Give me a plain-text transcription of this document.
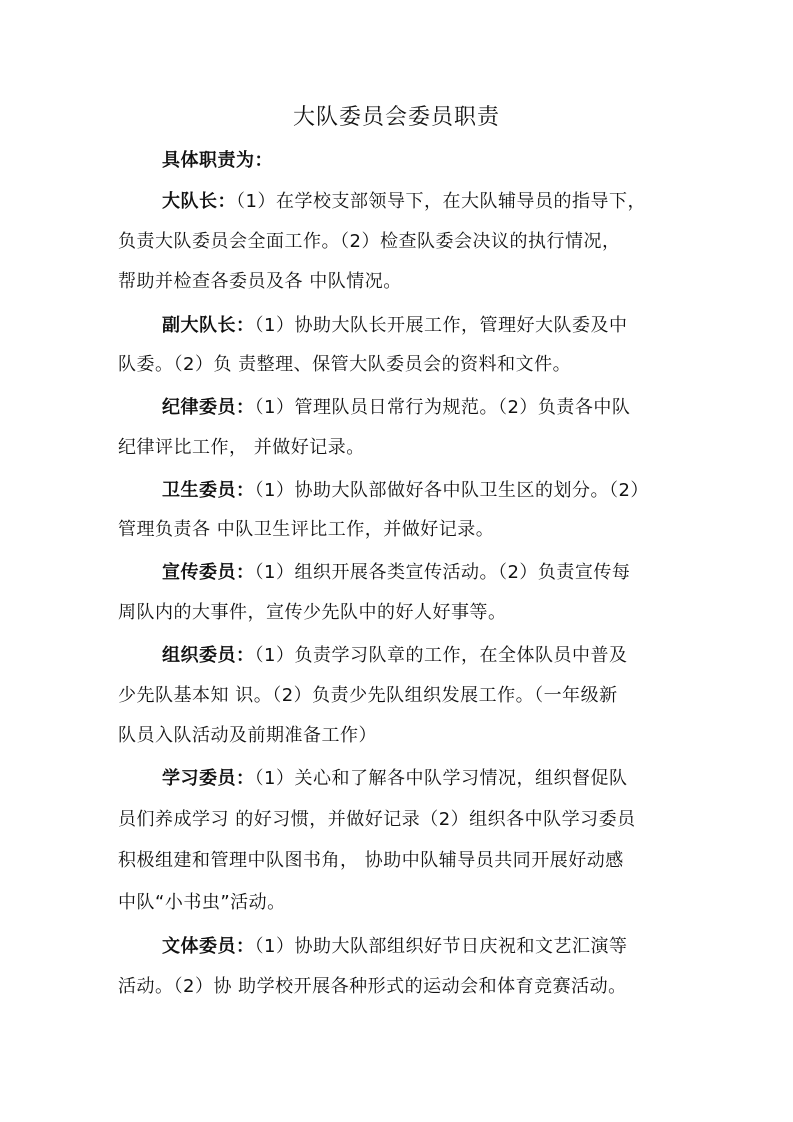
大队委员会委员职责
具体职责为：
大队长：（1）在学校支部领导下，在大队辅导员的指导下，
负责大队委员会全面工作。（2）检查队委会决议的执行情况，
帮助并检查各委员及各 中队情况。
副大队长：（1）协助大队长开展工作，管理好大队委及中
队委。（2）负 责整理、保管大队委员会的资料和文件。
纪律委员：（1）管理队员日常行为规范。（2）负责各中队
纪律评比工作， 并做好记录。
卫生委员：（1）协助大队部做好各中队卫生区的划分。（2）
管理负责各 中队卫生评比工作，并做好记录。
宣传委员：（1）组织开展各类宣传活动。（2）负责宣传每
周队内的大事件，宣传少先队中的好人好事等。
组织委员：（1）负责学习队章的工作，在全体队员中普及
少先队基本知 识。（2）负责少先队组织发展工作。（一年级新
队员入队活动及前期准备工作）
学习委员：（1）关心和了解各中队学习情况，组织督促队
员们养成学习 的好习惯，并做好记录（2）组织各中队学习委员
积极组建和管理中队图书角， 协助中队辅导员共同开展好动感
中队“小书虫”活动。
文体委员：（1）协助大队部组织好节日庆祝和文艺汇演等
活动。（2）协 助学校开展各种形式的运动会和体育竞赛活动。
